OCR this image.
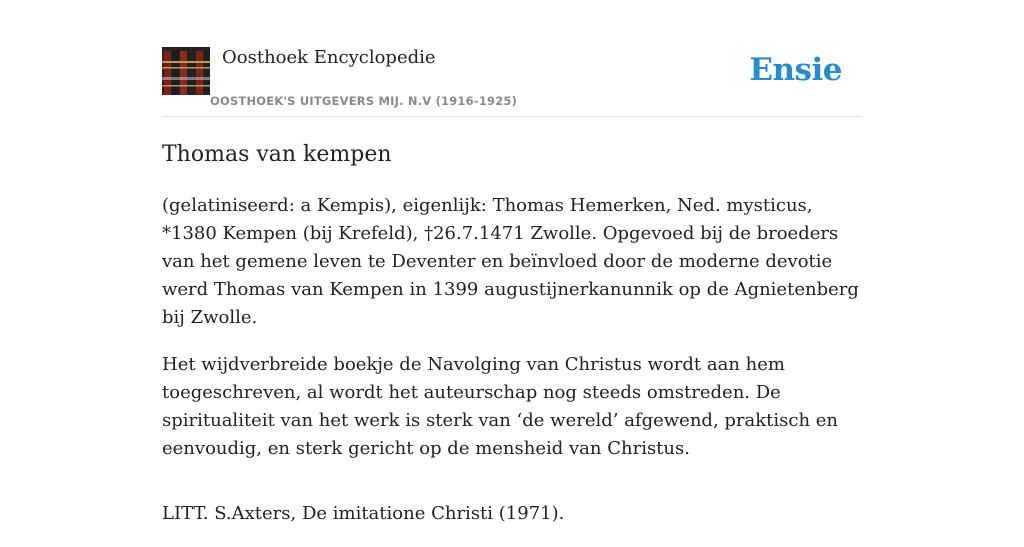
Oosthoek Encyclopedie
OOSTHOEK'S UITGEVERS MIJ. N.V (1916-1925)
Ensie
Thomas van kempen

(gelatiniseerd: a Kempis), eigenlijk: Thomas Hemerken, Ned. mysticus, *1380 Kempen (bij Krefeld), †26.7.1471 Zwolle. Opgevoed bij de broeders van het gemene leven te Deventer en beïnvloed door de moderne devotie werd Thomas van Kempen in 1399 augustijnerkanunnik op de Agnietenberg bij Zwolle.

Het wijdverbreide boekje de Navolging van Christus wordt aan hem toegeschreven, al wordt het auteurschap nog steeds omstreden. De spiritualiteit van het werk is sterk van ‘de wereld’ afgewend, praktisch en eenvoudig, en sterk gericht op de mensheid van Christus.

LITT. S.Axters, De imitatione Christi (1971).
